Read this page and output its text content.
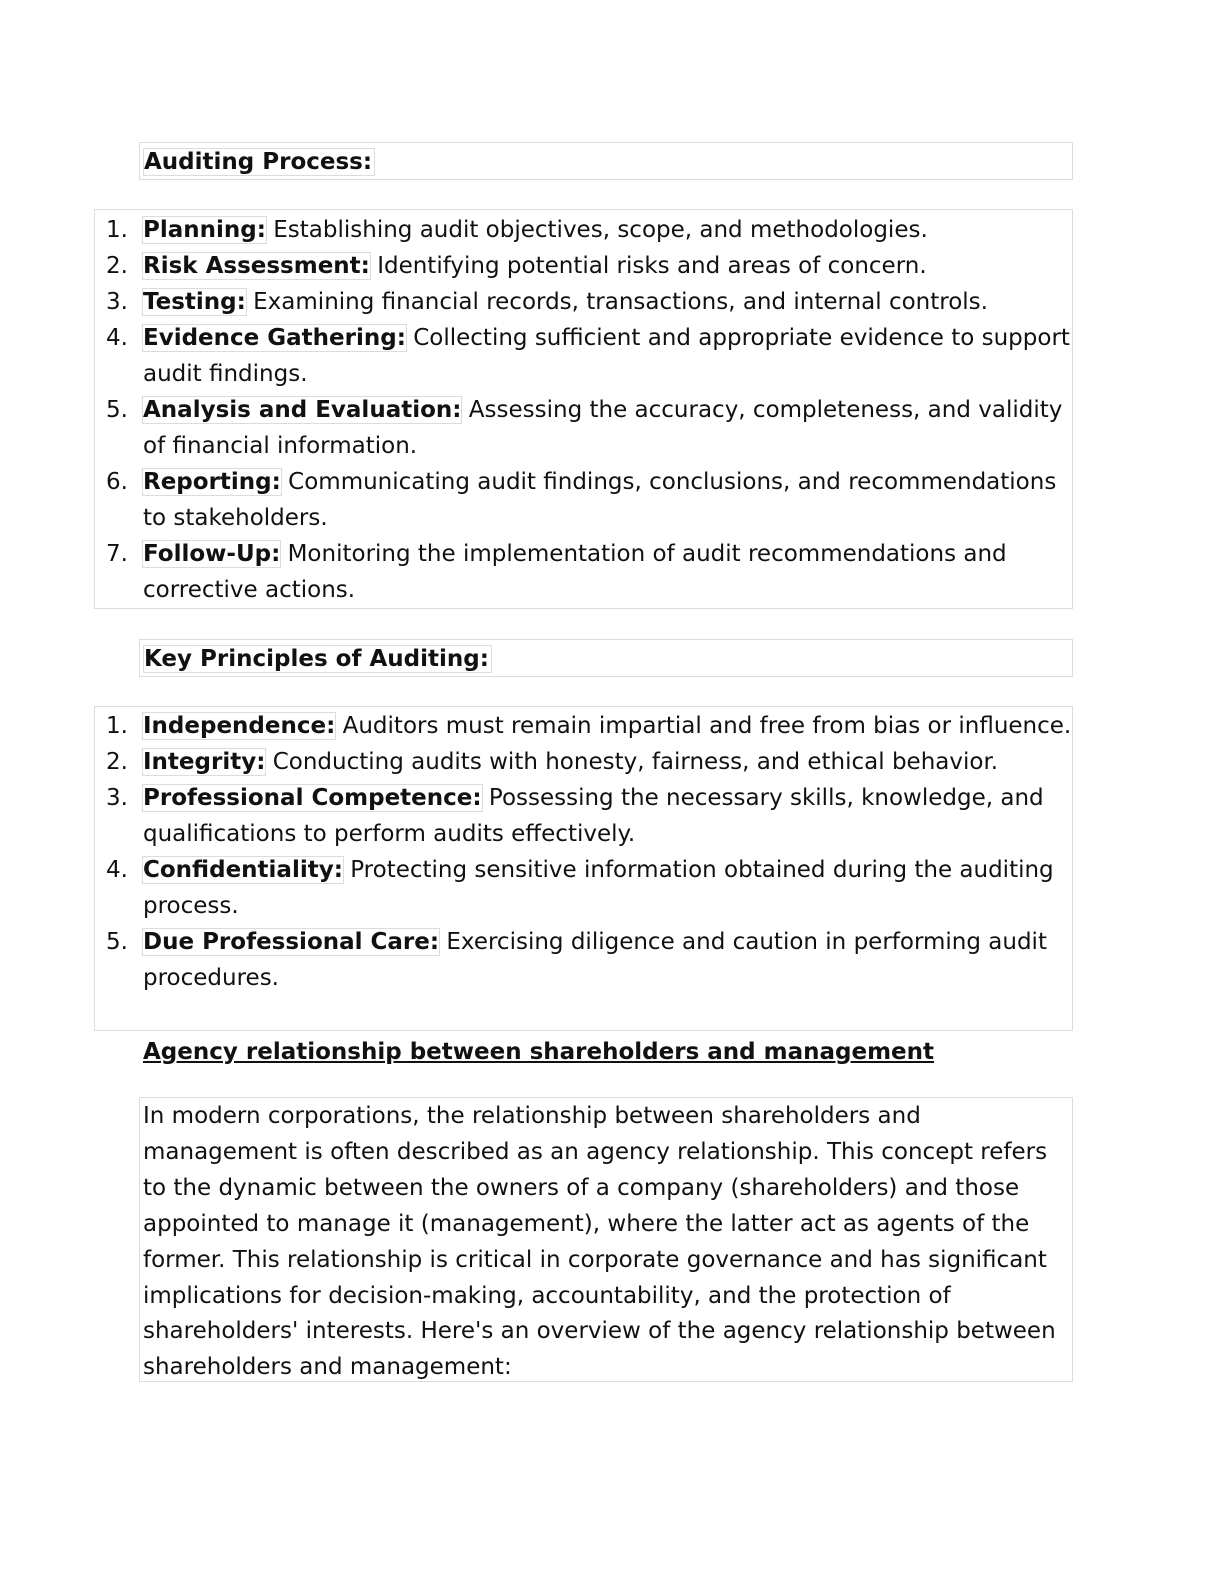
Auditing Process:
1. Planning: Establishing audit objectives, scope, and methodologies.
2. Risk Assessment: Identifying potential risks and areas of concern.
3. Testing: Examining financial records, transactions, and internal controls.
4. Evidence Gathering: Collecting sufficient and appropriate evidence to support audit findings.
5. Analysis and Evaluation: Assessing the accuracy, completeness, and validity of financial information.
6. Reporting: Communicating audit findings, conclusions, and recommendations to stakeholders.
7. Follow-Up: Monitoring the implementation of audit recommendations and corrective actions.
Key Principles of Auditing:
1. Independence: Auditors must remain impartial and free from bias or influence.
2. Integrity: Conducting audits with honesty, fairness, and ethical behavior.
3. Professional Competence: Possessing the necessary skills, knowledge, and qualifications to perform audits effectively.
4. Confidentiality: Protecting sensitive information obtained during the auditing process.
5. Due Professional Care: Exercising diligence and caution in performing audit procedures.
Agency relationship between shareholders and management

In modern corporations, the relationship between shareholders and management is often described as an agency relationship. This concept refers to the dynamic between the owners of a company (shareholders) and those appointed to manage it (management), where the latter act as agents of the former. This relationship is critical in corporate governance and has significant implications for decision-making, accountability, and the protection of shareholders' interests. Here's an overview of the agency relationship between shareholders and management:
